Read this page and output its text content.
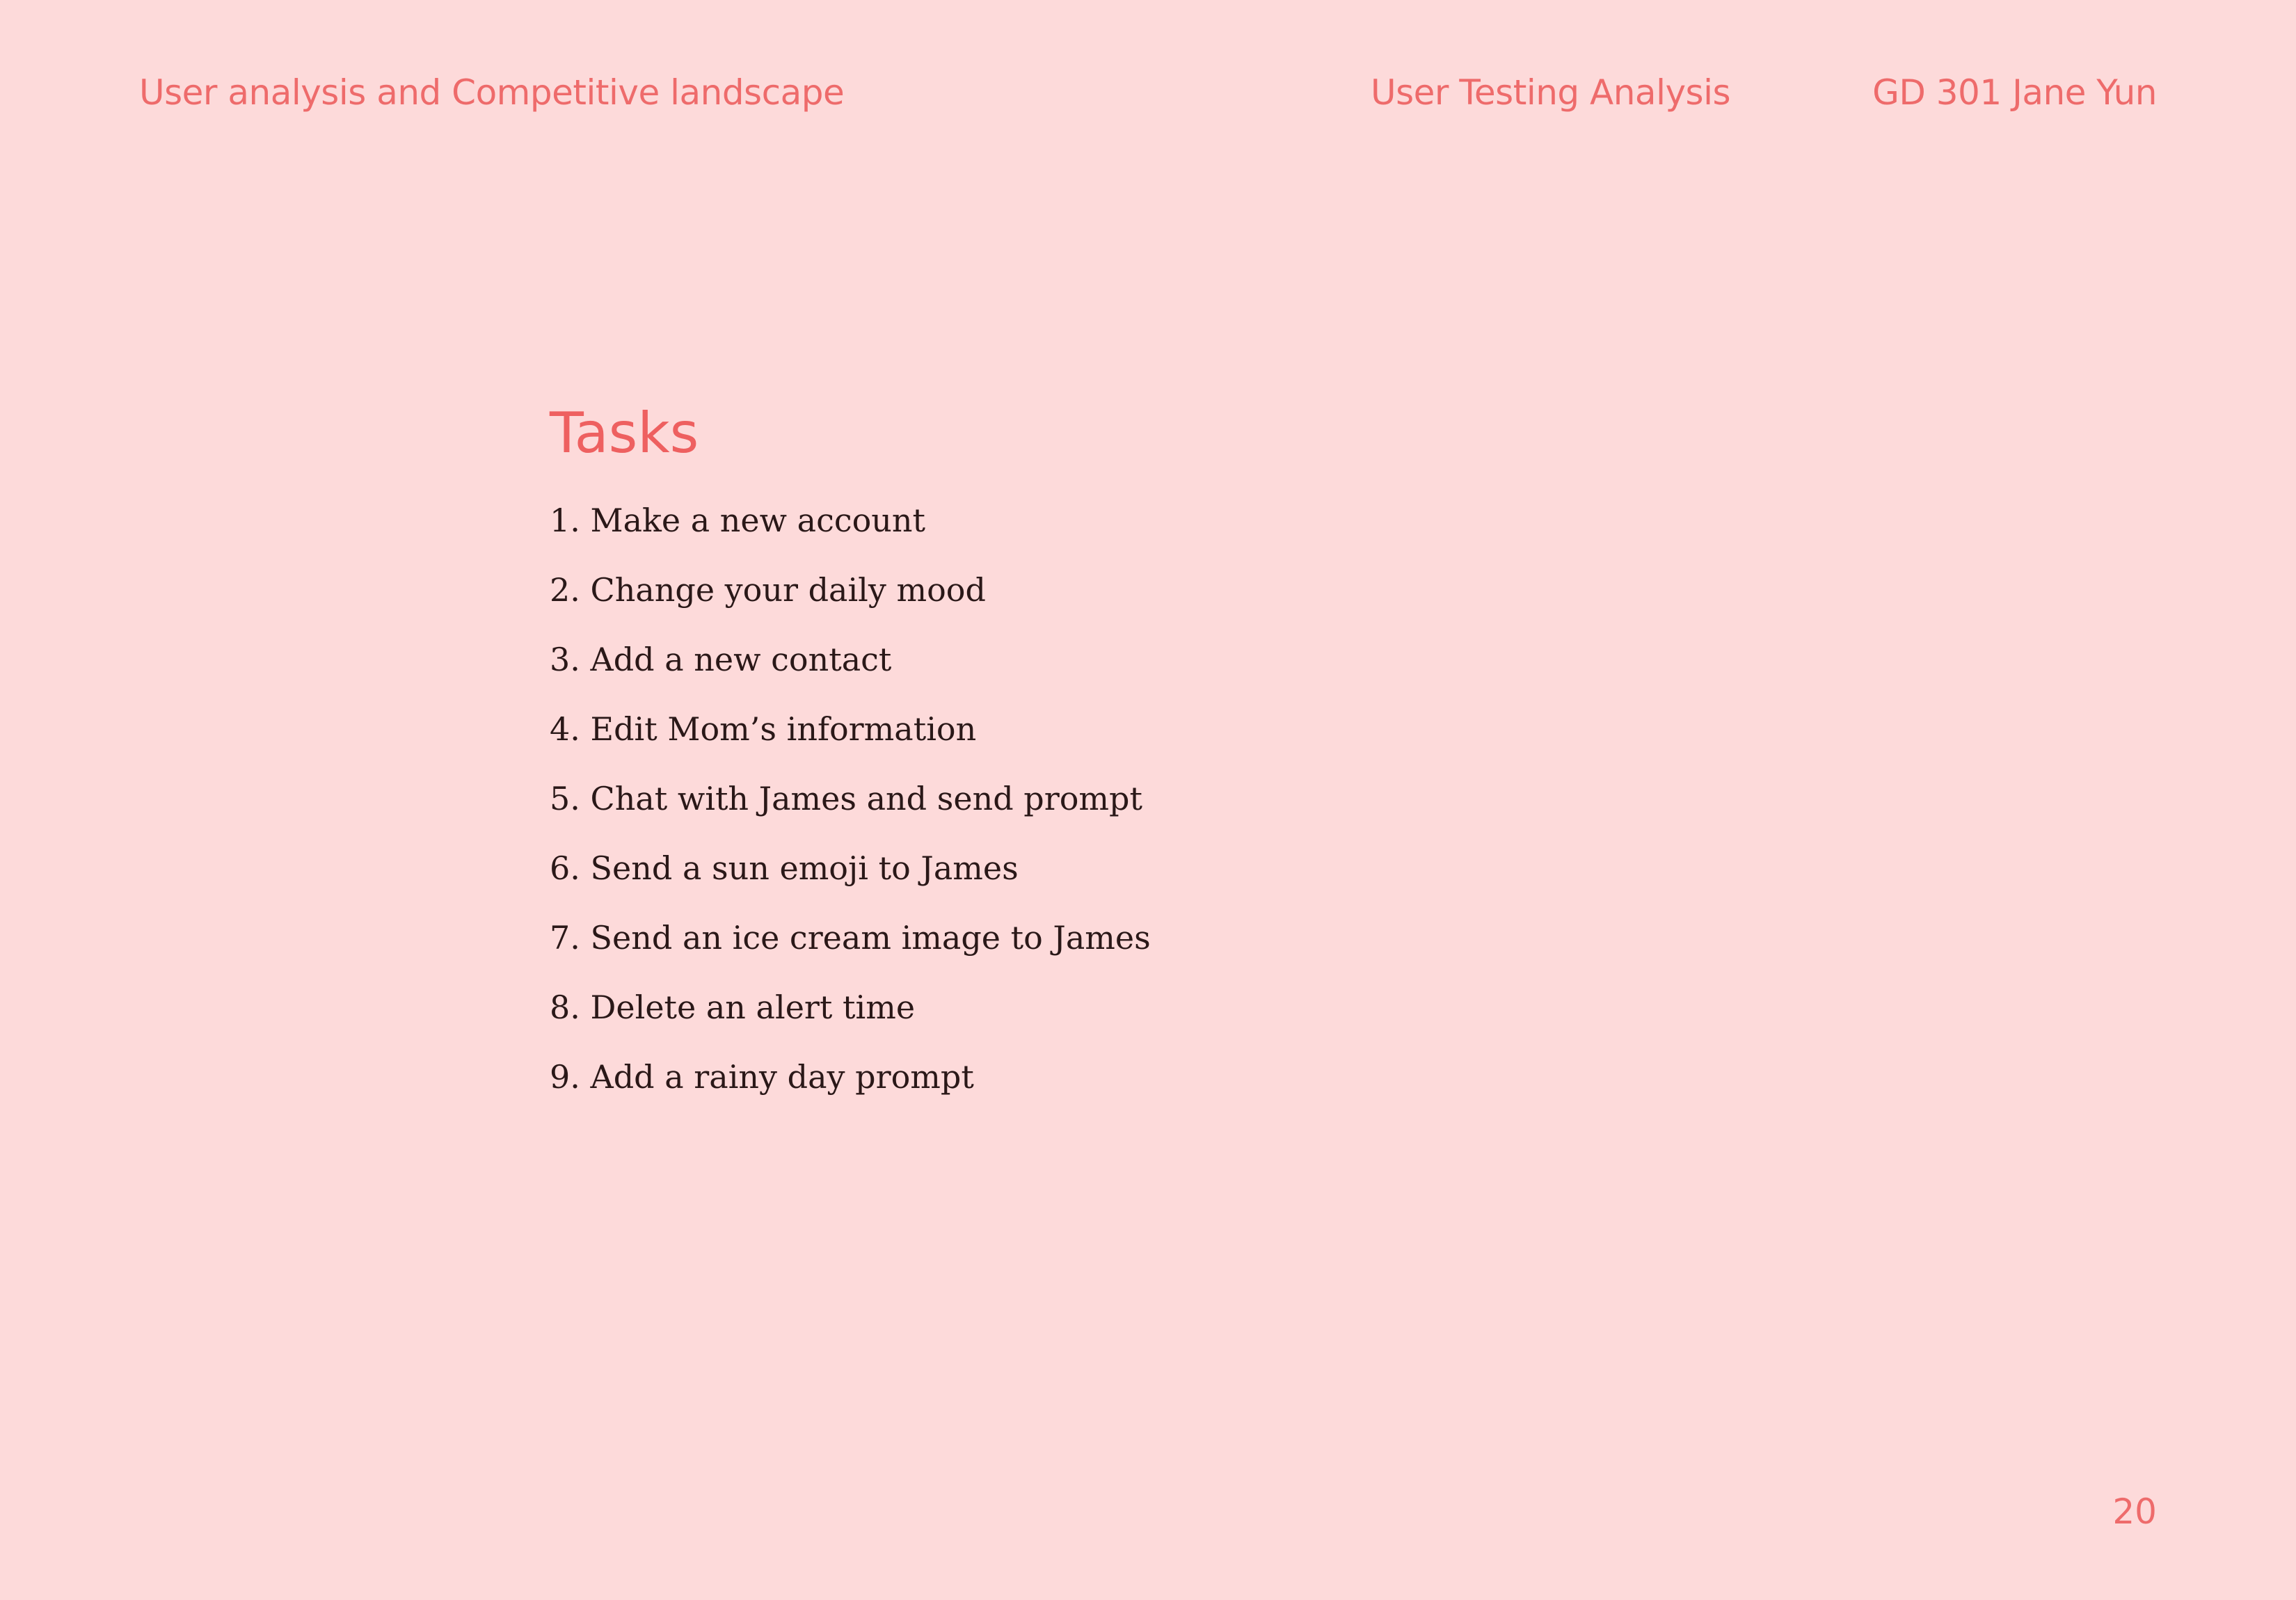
User analysis and Competitive landscape	User Testing Analysis	GD 301 Jane Yun
Tasks
1. Make a new account
2. Change your daily mood
3. Add a new contact
4. Edit Mom’s information
5. Chat with James and send prompt
6. Send a sun emoji to James
7. Send an ice cream image to James
8. Delete an alert time
9. Add a rainy day prompt
20
